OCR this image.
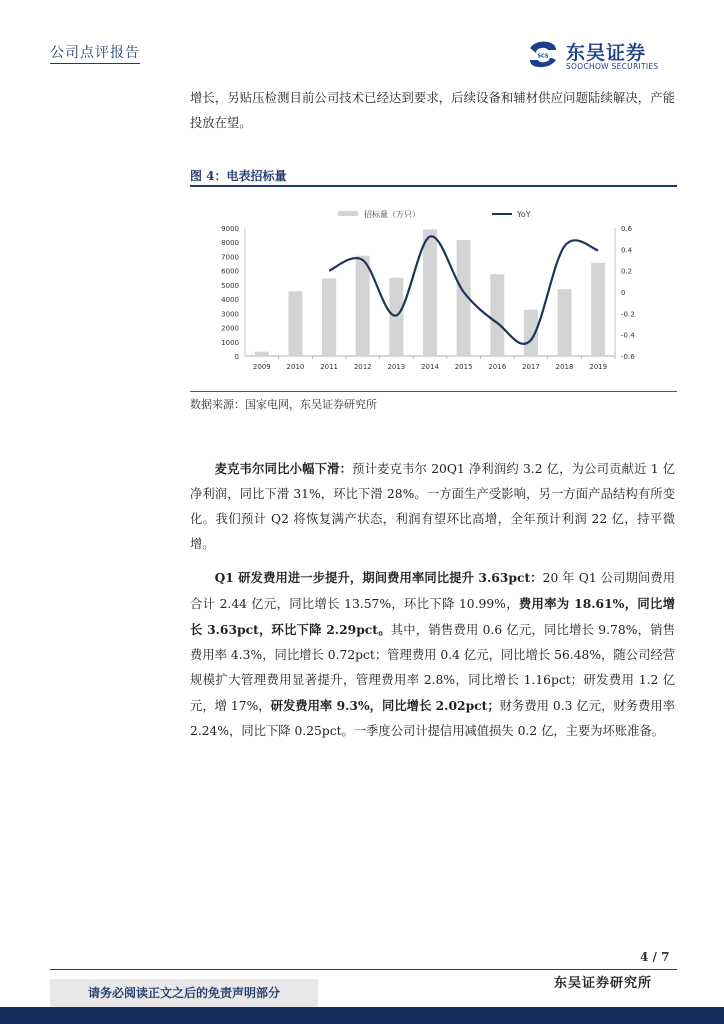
公司点评报告	SCS 东吴证券
SOOCHOW SECURITIES

增长，另贴压检测目前公司技术已经达到要求，后续设备和辅材供应问题陆续解决，产能投放在望。

图 4：电表招标量

招标量（万只）	YoY
0
1000
2000
3000
4000
5000
6000
7000
8000
9000	0.6
0.4
0.2
0
-0.2
-0.4
-0.6
2009 2010 2011 2012 2013 2014 2015 2016 2017 2018 2019

数据来源：国家电网，东吴证券研究所

麦克韦尔同比小幅下滑：预计麦克韦尔 20Q1 净利润约 3.2 亿，为公司贡献近 1 亿净利润，同比下滑 31%，环比下滑 28%。一方面生产受影响，另一方面产品结构有所变化。我们预计 Q2 将恢复满产状态，利润有望环比高增，全年预计利润 22 亿，持平微增。

Q1 研发费用进一步提升，期间费用率同比提升 3.63pct：20 年 Q1 公司期间费用合计 2.44 亿元，同比增长 13.57%，环比下降 10.99%，费用率为 18.61%，同比增长 3.63pct，环比下降 2.29pct。其中，销售费用 0.6 亿元，同比增长 9.78%，销售费用率 4.3%，同比增长 0.72pct；管理费用 0.4 亿元，同比增长 56.48%，随公司经营规模扩大管理费用显著提升，管理费用率 2.8%，同比增长 1.16pct；研发费用 1.2 亿元，增 17%，研发费用率 9.3%，同比增长 2.02pct；财务费用 0.3 亿元，财务费用率 2.24%，同比下降 0.25pct。一季度公司计提信用减值损失 0.2 亿，主要为坏账准备。

4 / 7
请务必阅读正文之后的免责声明部分
东吴证券研究所
